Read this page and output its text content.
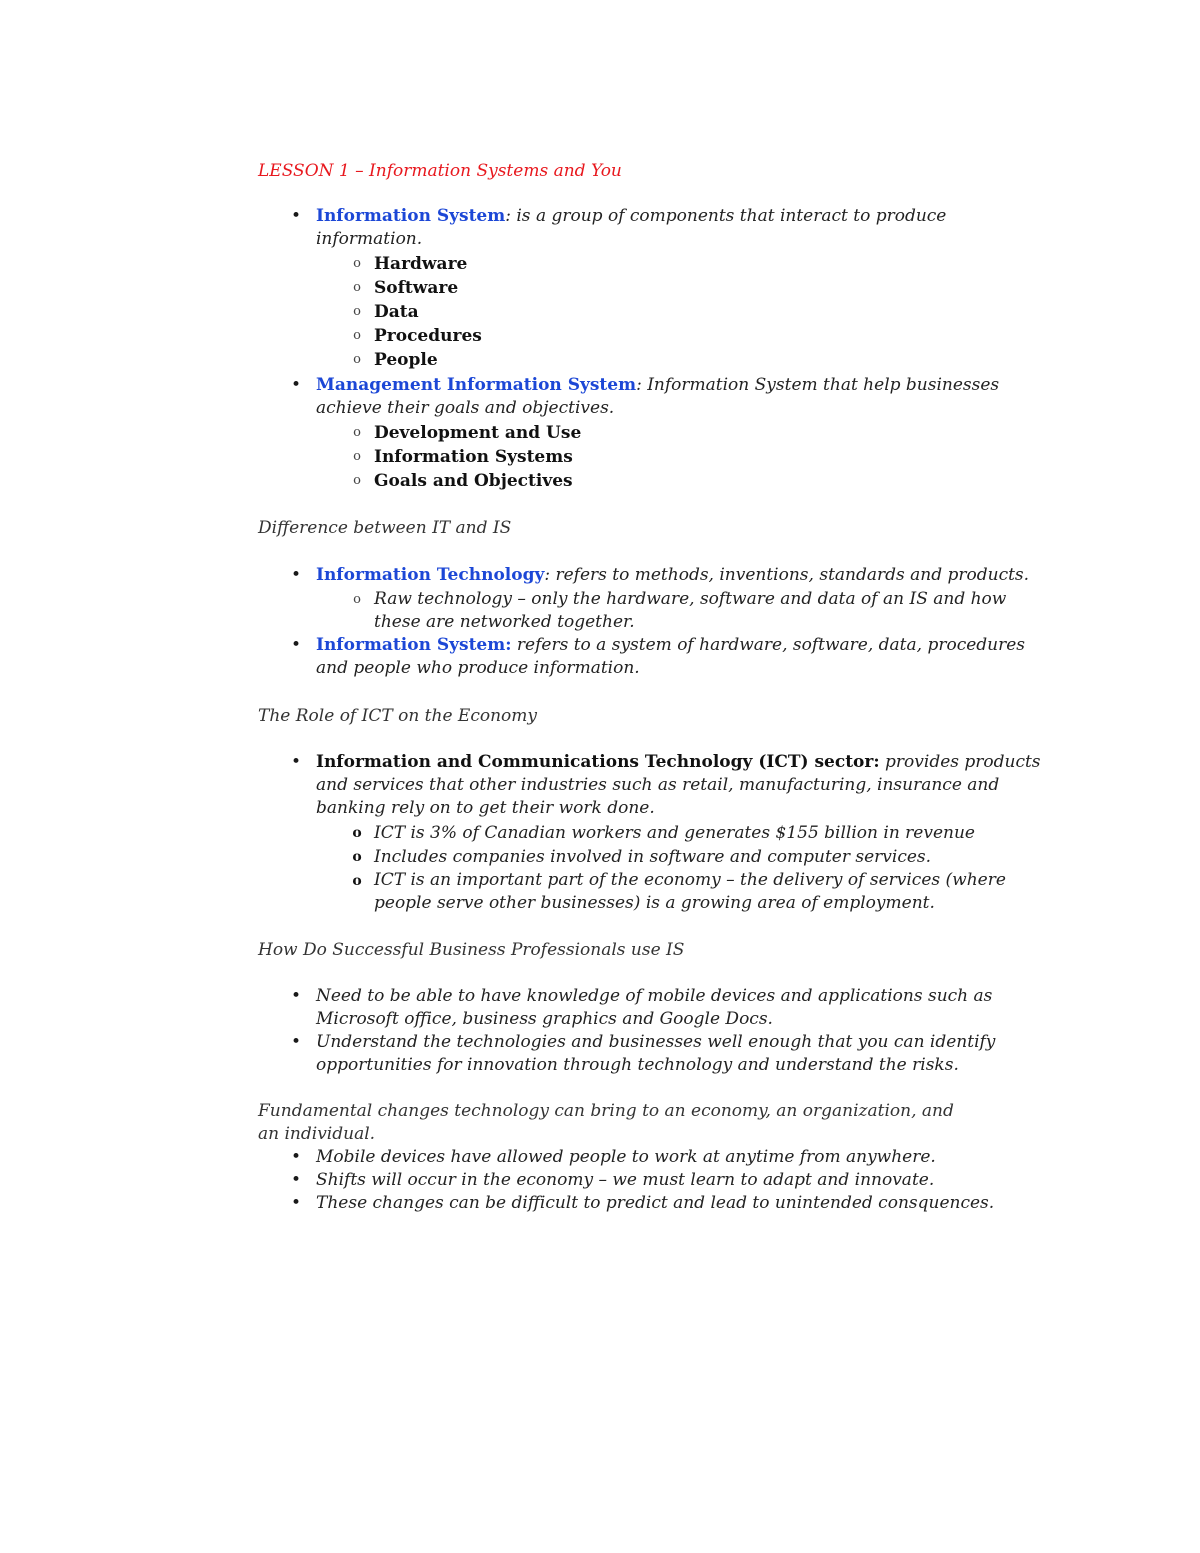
LESSON 1 – Information Systems and You
• Information System: is a group of components that interact to produce information.
o Hardware
o Software
o Data
o Procedures
o People
• Management Information System: Information System that help businesses achieve their goals and objectives.
o Development and Use
o Information Systems
o Goals and Objectives
Difference between IT and IS
• Information Technology: refers to methods, inventions, standards and products.
o Raw technology – only the hardware, software and data of an IS and how these are networked together.
• Information System: refers to a system of hardware, software, data, procedures and people who produce information.
The Role of ICT on the Economy
• Information and Communications Technology (ICT) sector: provides products and services that other industries such as retail, manufacturing, insurance and banking rely on to get their work done.
o ICT is 3% of Canadian workers and generates $155 billion in revenue
o Includes companies involved in software and computer services.
o ICT is an important part of the economy – the delivery of services (where people serve other businesses) is a growing area of employment.
How Do Successful Business Professionals use IS
• Need to be able to have knowledge of mobile devices and applications such as Microsoft office, business graphics and Google Docs.
• Understand the technologies and businesses well enough that you can identify opportunities for innovation through technology and understand the risks.
Fundamental changes technology can bring to an economy, an organization, and an individual.
• Mobile devices have allowed people to work at anytime from anywhere.
• Shifts will occur in the economy – we must learn to adapt and innovate.
• These changes can be difficult to predict and lead to unintended consquences.
